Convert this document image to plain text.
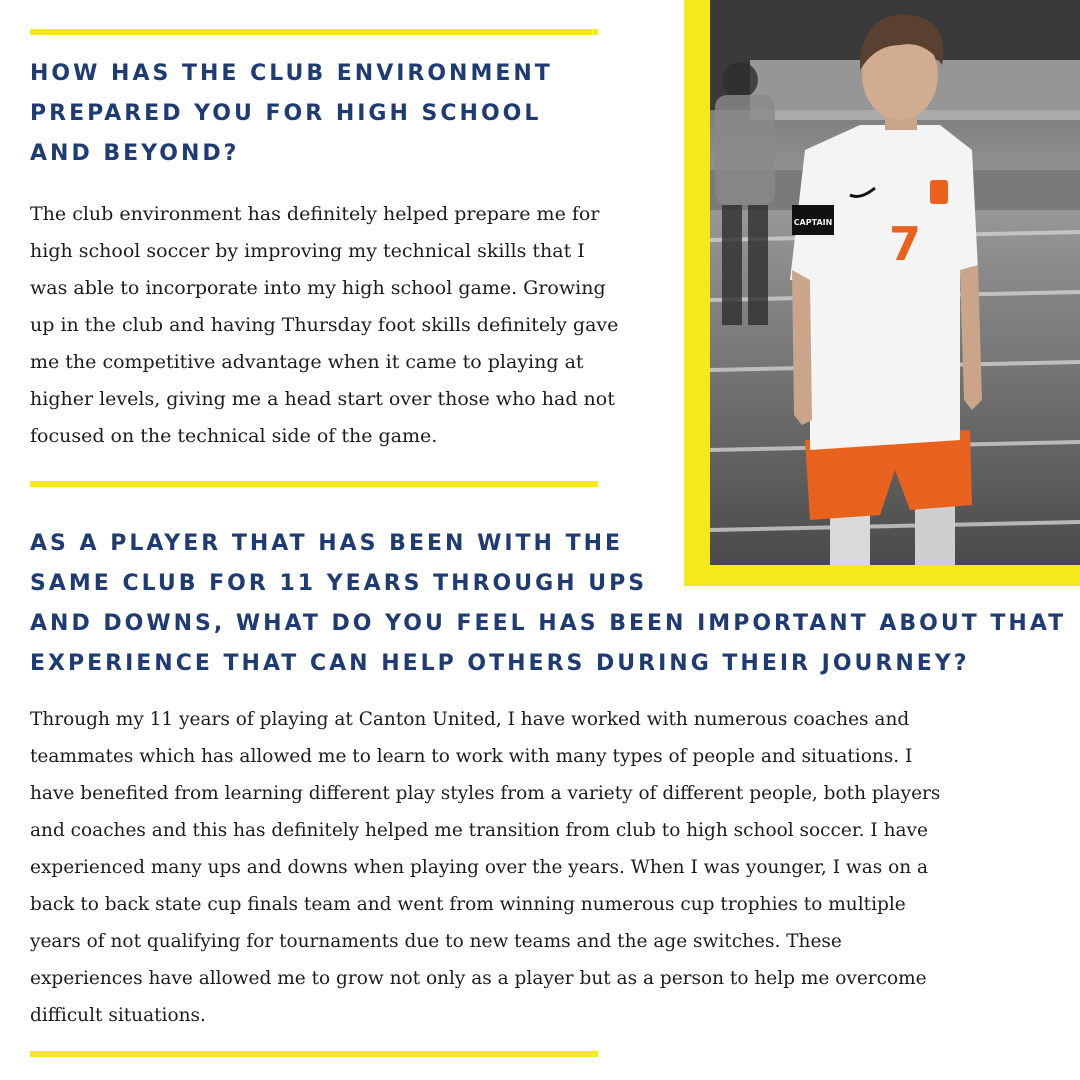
HOW HAS THE CLUB ENVIRONMENT
PREPARED YOU FOR HIGH SCHOOL
AND BEYOND?

The club environment has definitely helped prepare me for
high school soccer by improving my technical skills that I
was able to incorporate into my high school game. Growing
up in the club and having Thursday foot skills definitely gave
me the competitive advantage when it came to playing at
higher levels, giving me a head start over those who had not
focused on the technical side of the game.

CAPTAIN 7
AS A PLAYER THAT HAS BEEN WITH THE
SAME CLUB FOR 11 YEARS THROUGH UPS
AND DOWNS, WHAT DO YOU FEEL HAS BEEN IMPORTANT ABOUT THAT
EXPERIENCE THAT CAN HELP OTHERS DURING THEIR JOURNEY?

Through my 11 years of playing at Canton United, I have worked with numerous coaches and
teammates which has allowed me to learn to work with many types of people and situations. I
have benefited from learning different play styles from a variety of different people, both players
and coaches and this has definitely helped me transition from club to high school soccer. I have
experienced many ups and downs when playing over the years. When I was younger, I was on a
back to back state cup finals team and went from winning numerous cup trophies to multiple
years of not qualifying for tournaments due to new teams and the age switches. These
experiences have allowed me to grow not only as a player but as a person to help me overcome
difficult situations.
